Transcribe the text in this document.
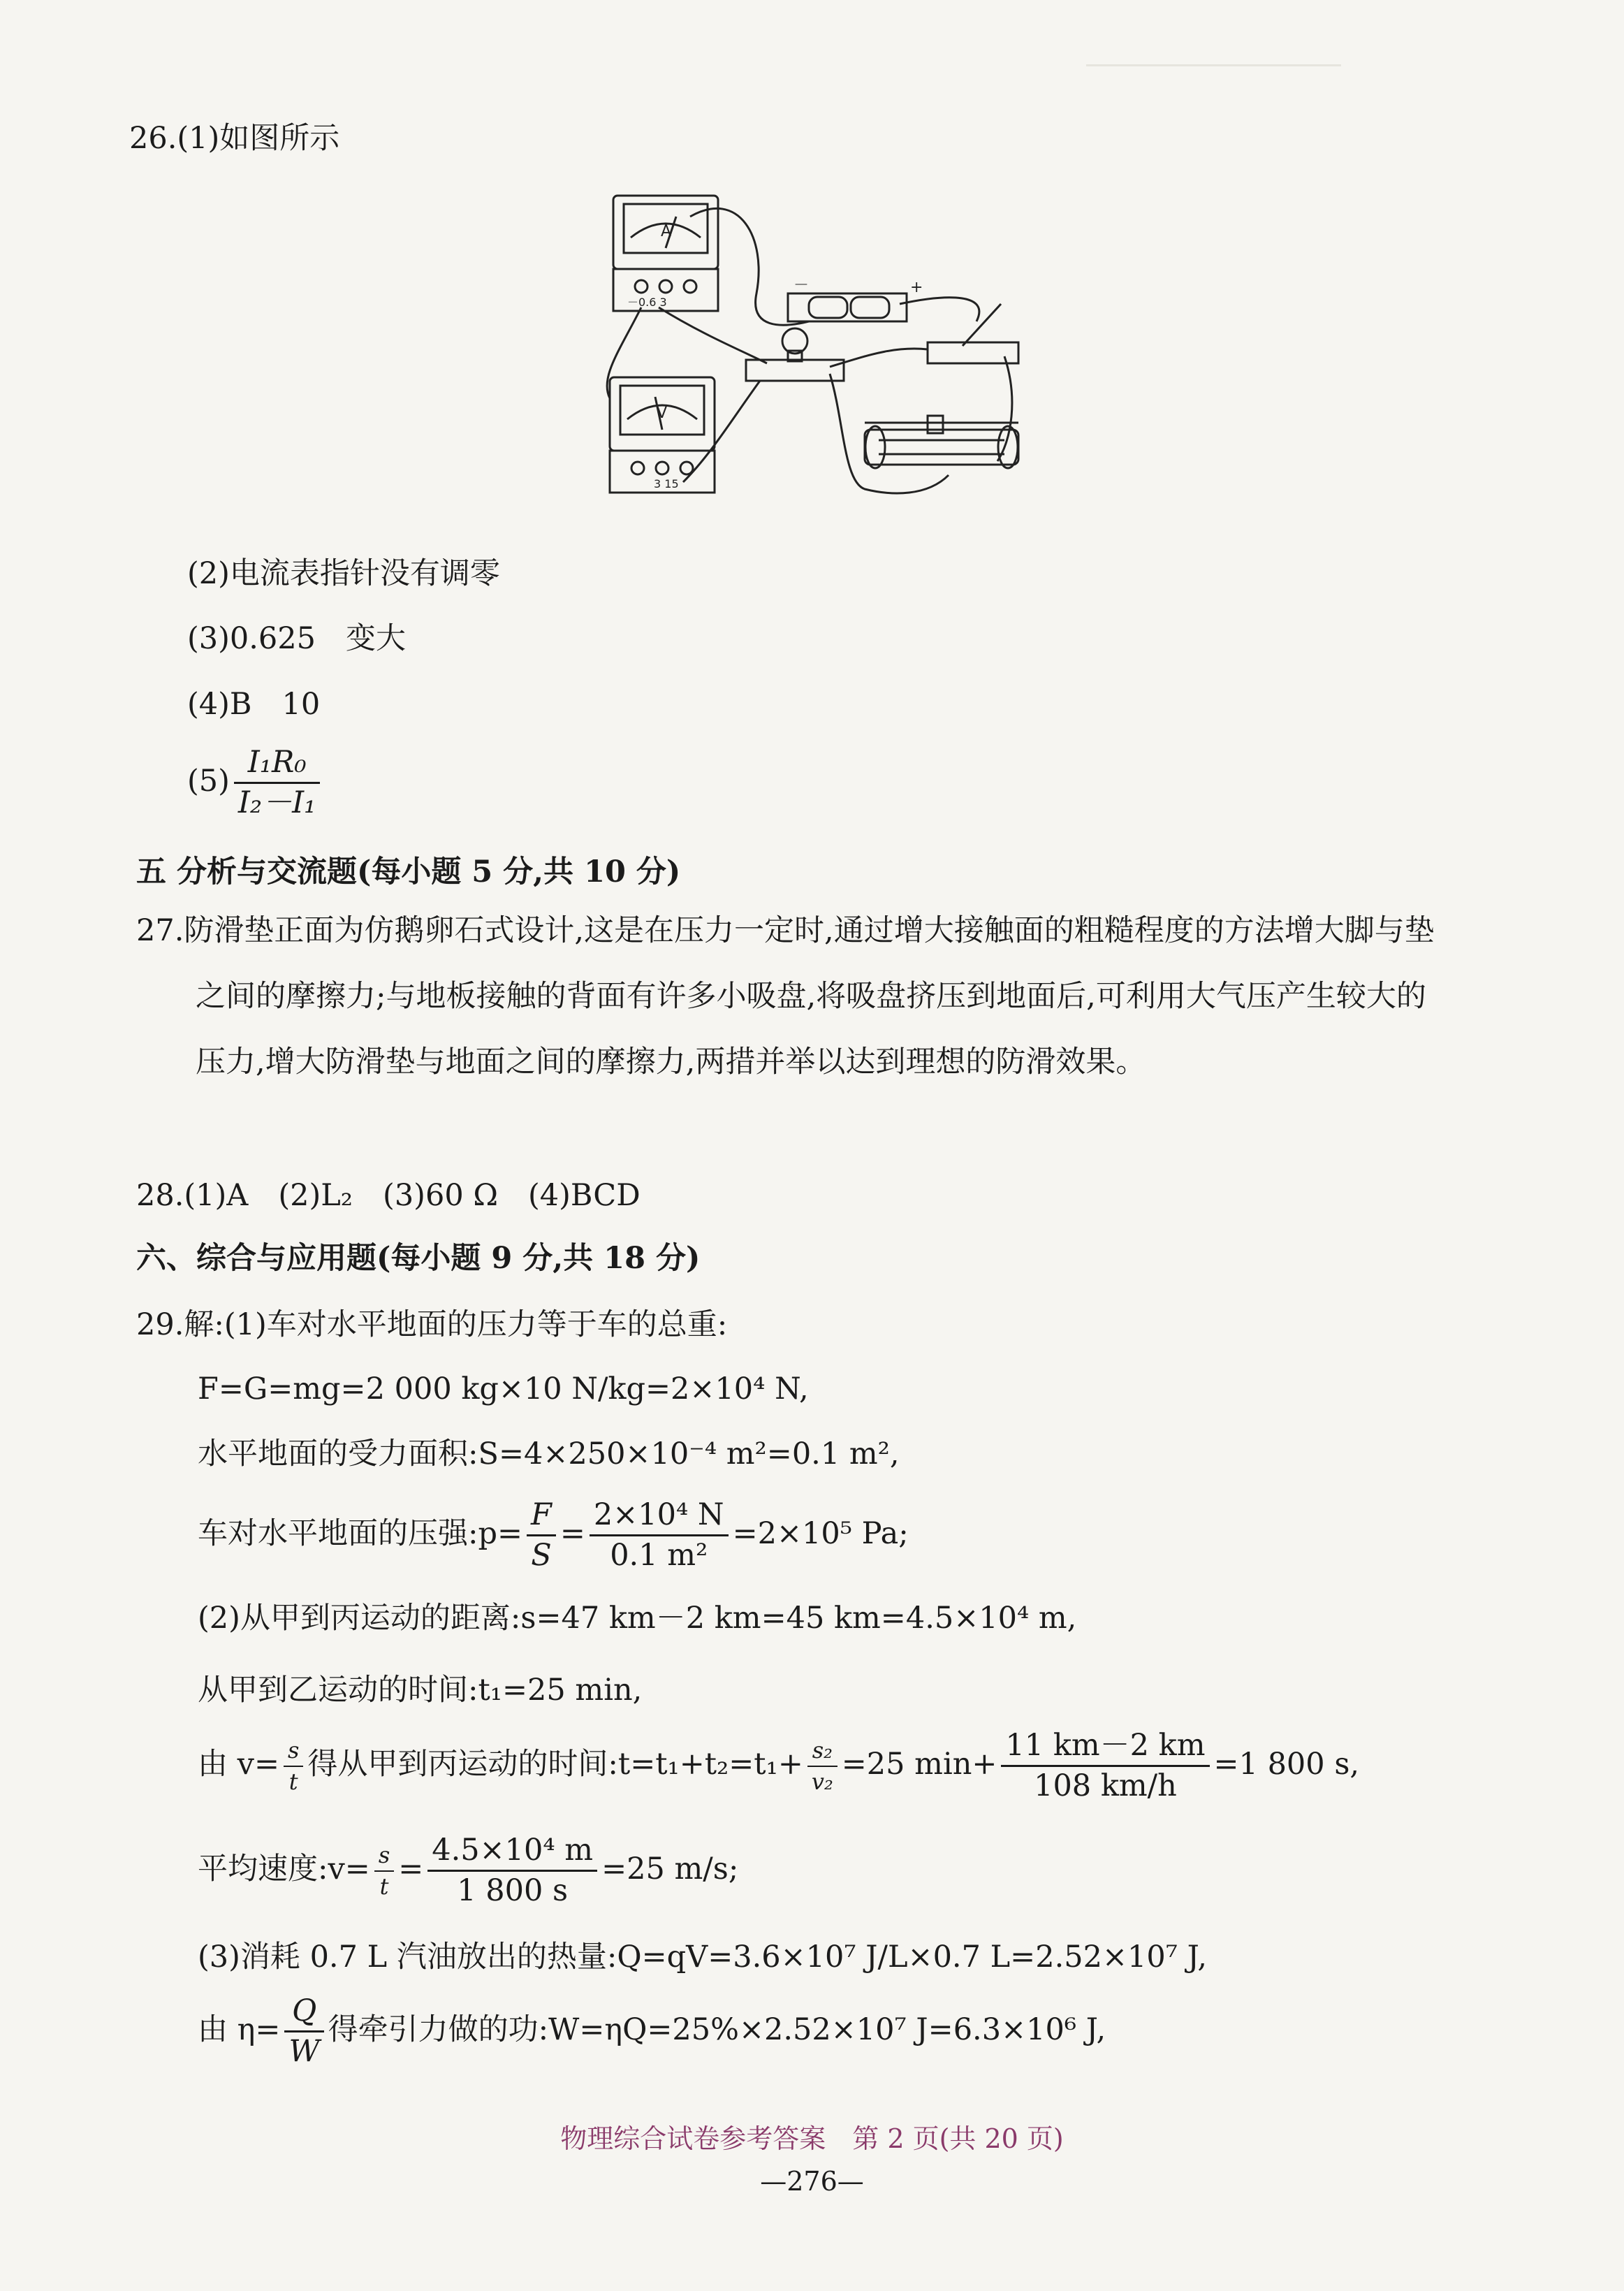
26.(1)如图所示
A
－0.6 3
V
3 15
－	+
(2)电流表指针没有调零
(3)0.625　变大
(4)B　10
$(5) \frac{\text{I₁R₀}}{\text{I₂－I₁}}$
五 分析与交流题(每小题 5 分,共 10 分)
27.防滑垫正面为仿鹅卵石式设计,这是在压力一定时,通过增大接触面的粗糙程度的方法增大脚与垫之间的摩擦力;与地板接触的背面有许多小吸盘,将吸盘挤压到地面后,可利用大气压产生较大的压力,增大防滑垫与地面之间的摩擦力,两措并举以达到理想的防滑效果。
28.(1)A　(2)L₂　(3)60 Ω　(4)BCD
六、综合与应用题(每小题 9 分,共 18 分)
29.解:(1)车对水平地面的压力等于车的总重:
F=G=mg=2 000 kg×10 N/kg=2×10⁴ N,
水平地面的受力面积:S=4×250×10⁻⁴ m²=0.1 m²,
车对水平地面的压强:p= $\frac{F}{S} = \frac{\text{2×10⁴ N}}{\text{0.1 m²}} =2\times 10^5$ Pa;
(2)从甲到丙运动的距离:s=47 km－2 km=45 km=4.5×10⁴ m,
从甲到乙运动的时间:t₁=25 min,
由 $v= \frac{s}{t}$ 得从甲到丙运动的时间:t=t₁+t₂=t₁+ $\frac{\text{s₂}}{\text{v₂}} =25$ $\min+ \frac{11 km-2 km}{108 km/h} =1$ 800 s,
平均速度:v= $\frac{s}{t} = \frac{\text{4.5×10⁴ m}}{1 800 s} =25$ m/s;
(3)消耗 0.7 L 汽油放出的热量:Q=qV=3.6×10⁷ J/L×0.7 L=2.52×10⁷ J,
由 $\eta= \frac{Q}{W}$ 得牵引力做的功:W=ηQ=25%×2.52×10⁷ J=6.3×10⁶ J,
物理综合试卷参考答案　第 2 页(共 20 页)
—276—
